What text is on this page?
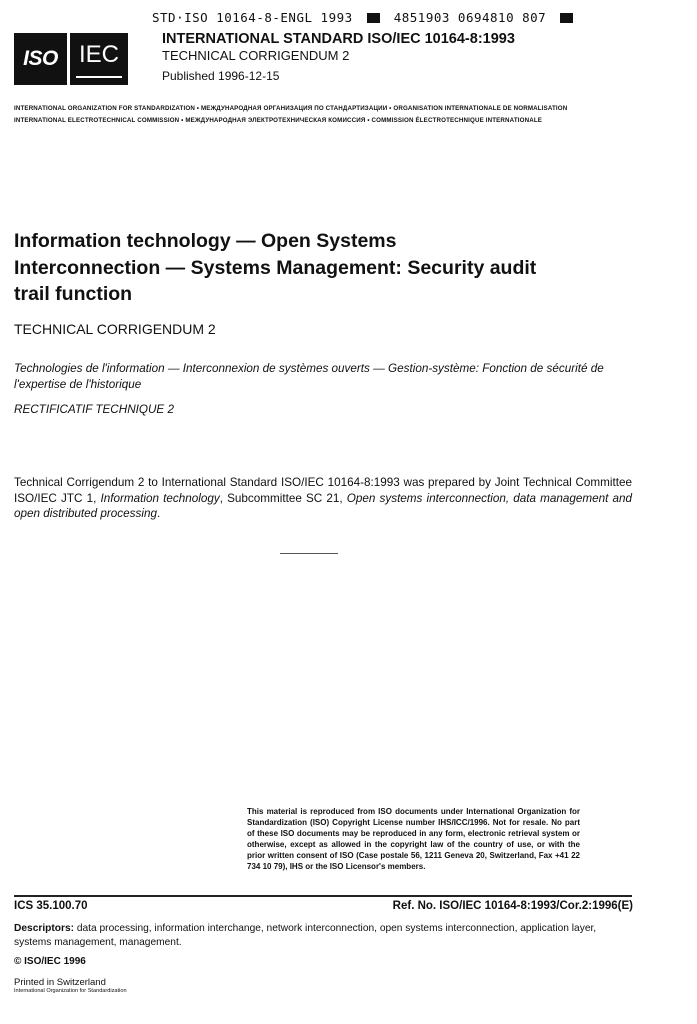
STD·ISO 10164-8-ENGL 1993	4851903 0694810 807
ISO IEC
INTERNATIONAL STANDARD ISO/IEC 10164-8:1993
TECHNICAL CORRIGENDUM 2
Published 1996-12-15
INTERNATIONAL ORGANIZATION FOR STANDARDIZATION • МЕЖДУНАРОДНАЯ ОРГАНИЗАЦИЯ ПО СТАНДАРТИЗАЦИИ • ORGANISATION INTERNATIONALE DE NORMALISATION
INTERNATIONAL ELECTROTECHNICAL COMMISSION • МЕЖДУНАРОДНАЯ ЭЛЕКТРОТЕХНИЧЕСКАЯ КОМИССИЯ • COMMISSION ÉLECTROTECHNIQUE INTERNATIONALE
Information technology — Open Systems
Interconnection — Systems Management: Security audit
trail function
TECHNICAL CORRIGENDUM 2
Technologies de l'information — Interconnexion de systèmes ouverts — Gestion-système: Fonction de sécurité de l'expertise de l'historique
RECTIFICATIF TECHNIQUE 2
Technical Corrigendum 2 to International Standard ISO/IEC 10164-8:1993 was prepared by Joint Technical Committee ISO/IEC JTC 1, Information technology, Subcommittee SC 21, Open systems interconnection, data management and open distributed processing.
This material is reproduced from ISO documents under International Organization for Standardization (ISO) Copyright License number IHS/ICC/1996. Not for resale. No part of these ISO documents may be reproduced in any form, electronic retrieval system or otherwise, except as allowed in the copyright law of the country of use, or with the prior written consent of ISO (Case postale 56, 1211 Geneva 20, Switzerland, Fax +41 22 734 10 79), IHS or the ISO Licensor's members.
ICS 35.100.70	Ref. No. ISO/IEC 10164-8:1993/Cor.2:1996(E)
Descriptors: data processing, information interchange, network interconnection, open systems interconnection, application layer, systems management, management.
© ISO/IEC 1996
Printed in Switzerland
International Organization for Standardization
